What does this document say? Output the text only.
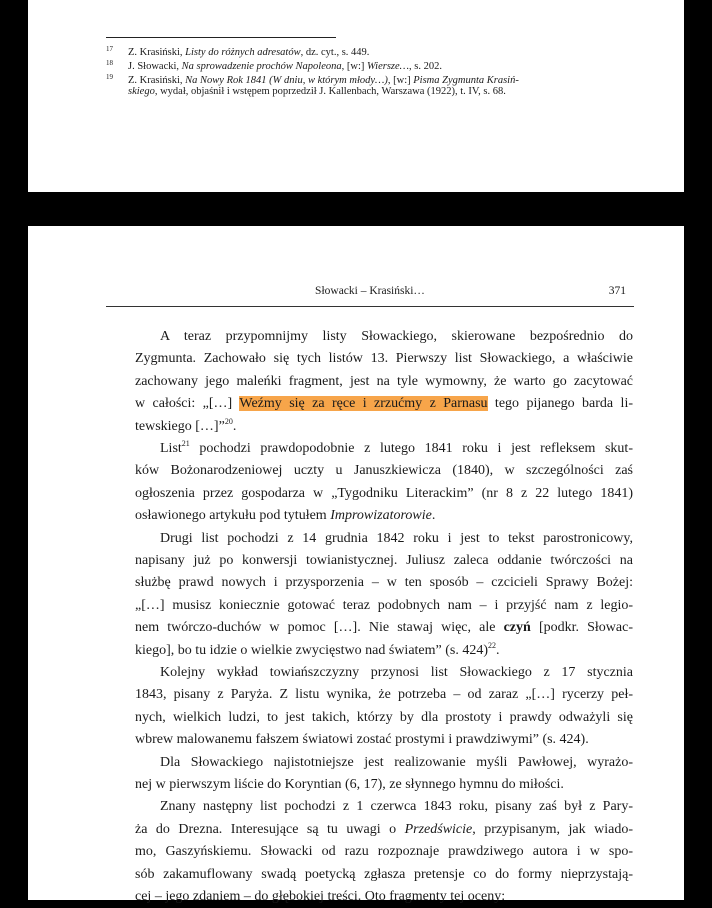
17 Z. Krasiński, Listy do różnych adresatów, dz. cyt., s. 449.
18 J. Słowacki, Na sprowadzenie prochów Napoleona, [w:] Wiersze…, s. 202.
19 Z. Krasiński, Na Nowy Rok 1841 (W dniu, w którym młody…), [w:] Pisma Zygmunta Krasiń-
skiego, wydał, objaśnił i wstępem poprzedził J. Kallenbach, Warszawa (1922), t. IV, s. 68.
Słowacki – Krasiński…	371
A teraz przypomnijmy listy Słowackiego, skierowane bezpośrednio do
Zygmunta. Zachowało się tych listów 13. Pierwszy list Słowackiego, a właściwie
zachowany jego maleńki fragment, jest na tyle wymowny, że warto go zacytować
w całości: „[…] Weźmy się za ręce i zrzućmy z Parnasu tego pijanego barda li-
tewskiego […]”$^{20}$.
List$^{21}$ pochodzi prawdopodobnie z lutego 1841 roku i jest refleksem skut-
ków Bożonarodzeniowej uczty u Januszkiewicza (1840), w szczególności zaś
ogłoszenia przez gospodarza w „Tygodniku Literackim” (nr 8 z 22 lutego 1841)
osławionego artykułu pod tytułem Improwizatorowie.
Drugi list pochodzi z 14 grudnia 1842 roku i jest to tekst parostronicowy,
napisany już po konwersji towianistycznej. Juliusz zaleca oddanie twórczości na
służbę prawd nowych i przysporzenia – w ten sposób – czcicieli Sprawy Bożej:
„[…] musisz koniecznie gotować teraz podobnych nam – i przyjść nam z legio-
nem twórczo-duchów w pomoc […]. Nie stawaj więc, ale czyń [podkr. Słowac-
kiego], bo tu idzie o wielkie zwycięstwo nad światem” (s. 424)$^{22}$.
Kolejny wykład towiańszczyzny przynosi list Słowackiego z 17 stycznia
1843, pisany z Paryża. Z listu wynika, że potrzeba – od zaraz „[…] rycerzy peł-
nych, wielkich ludzi, to jest takich, którzy by dla prostoty i prawdy odważyli się
wbrew malowanemu fałszem światowi zostać prostymi i prawdziwymi” (s. 424).
Dla Słowackiego najistotniejsze jest realizowanie myśli Pawłowej, wyrażo-
nej w pierwszym liście do Koryntian (6, 17), ze słynnego hymnu do miłości.
Znany następny list pochodzi z 1 czerwca 1843 roku, pisany zaś był z Pary-
ża do Drezna. Interesujące są tu uwagi o Przedświcie, przypisanym, jak wiado-
mo, Gaszyńskiemu. Słowacki od razu rozpoznaje prawdziwego autora i w spo-
sób zakamuflowany swadą poetycką zgłasza pretensje co do formy nieprzystają-
cej – jego zdaniem – do głębokiej treści. Oto fragmenty tej oceny:
